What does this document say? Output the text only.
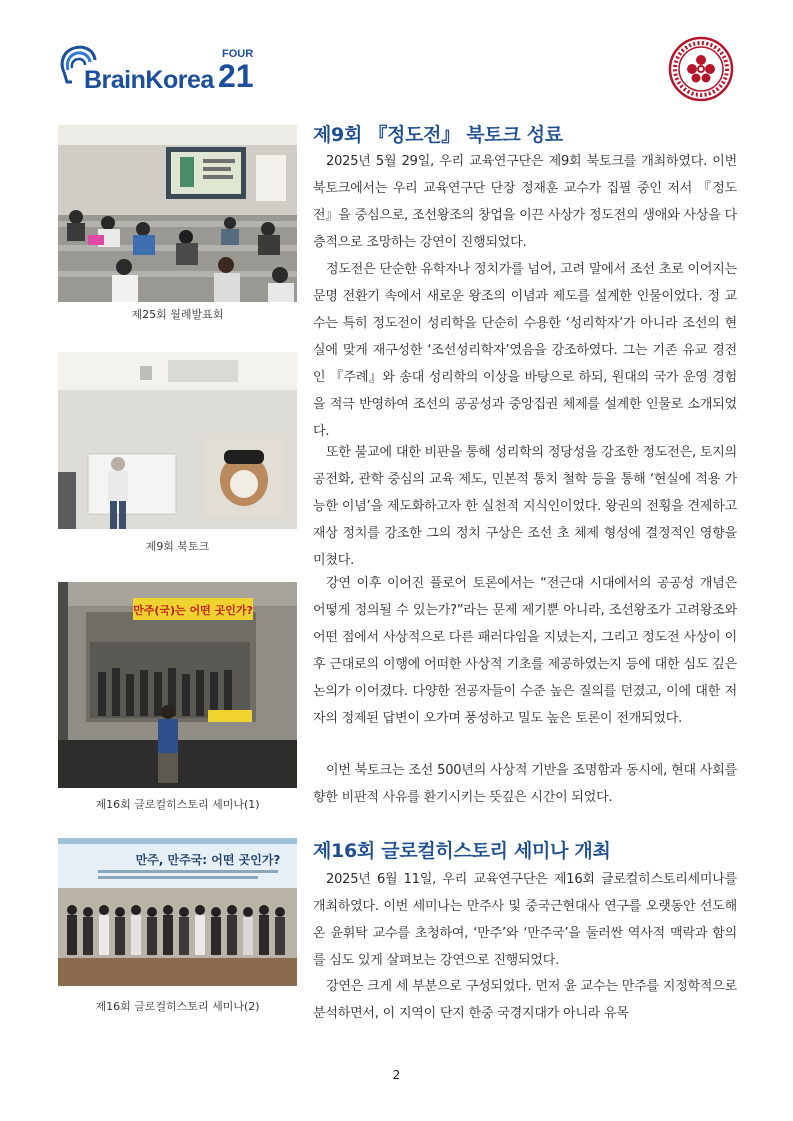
BrainKorea
FOUR
21
제25회 월례발표회
제9회 북토크
만주(국)는 어떤 곳인가?
제16회 글로컬히스토리 세미나(1)
만주, 만주국: 어떤 곳인가?
제16회 글로컬히스토리 세미나(2)
제9회 『정도전』 북토크 성료

2025년 5월 29일, 우리 교육연구단은 제9회 북토크를 개최하였다. 이번 북토크에서는 우리 교육연구단 단장 정재훈 교수가 집필 중인 저서 『정도전』을 중심으로, 조선왕조의 창업을 이끈 사상가 정도전의 생애와 사상을 다층적으로 조망하는 강연이 진행되었다.

정도전은 단순한 유학자나 정치가를 넘어, 고려 말에서 조선 초로 이어지는 문명 전환기 속에서 새로운 왕조의 이념과 제도를 설계한 인물이었다. 정 교수는 특히 정도전이 성리학을 단순히 수용한 ‘성리학자’가 아니라 조선의 현실에 맞게 재구성한 ‘조선성리학자’였음을 강조하였다. 그는 기존 유교 경전인 『주례』와 송대 성리학의 이상을 바탕으로 하되, 원대의 국가 운영 경험을 적극 반영하여 조선의 공공성과 중앙집권 체제를 설계한 인물로 소개되었다.

또한 불교에 대한 비판을 통해 성리학의 정당성을 강조한 정도전은, 토지의 공전화, 관학 중심의 교육 제도, 민본적 통치 철학 등을 통해 ‘현실에 적용 가능한 이념’을 제도화하고자 한 실천적 지식인이었다. 왕권의 전횡을 견제하고 재상 정치를 강조한 그의 정치 구상은 조선 초 체제 형성에 결정적인 영향을 미쳤다.

강연 이후 이어진 플로어 토론에서는 “전근대 시대에서의 공공성 개념은 어떻게 정의될 수 있는가?”라는 문제 제기뿐 아니라, 조선왕조가 고려왕조와 어떤 점에서 사상적으로 다른 패러다임을 지녔는지, 그리고 정도전 사상이 이후 근대로의 이행에 어떠한 사상적 기초를 제공하였는지 등에 대한 심도 깊은 논의가 이어졌다. 다양한 전공자들이 수준 높은 질의를 던졌고, 이에 대한 저자의 정제된 답변이 오가며 풍성하고 밀도 높은 토론이 전개되었다.

이번 북토크는 조선 500년의 사상적 기반을 조명함과 동시에, 현대 사회를 향한 비판적 사유를 환기시키는 뜻깊은 시간이 되었다.

제16회 글로컬히스토리 세미나 개최

2025년 6월 11일, 우리 교육연구단은 제16회 글로컬히스토리세미나를 개최하였다. 이번 세미나는 만주사 및 중국근현대사 연구를 오랫동안 선도해 온 윤휘탁 교수를 초청하여, ‘만주’와 ‘만주국’을 둘러싼 역사적 맥락과 함의를 심도 있게 살펴보는 강연으로 진행되었다.

강연은 크게 세 부분으로 구성되었다. 먼저 윤 교수는 만주를 지정학적으로 분석하면서, 이 지역이 단지 한중 국경지대가 아니라 유목

2
